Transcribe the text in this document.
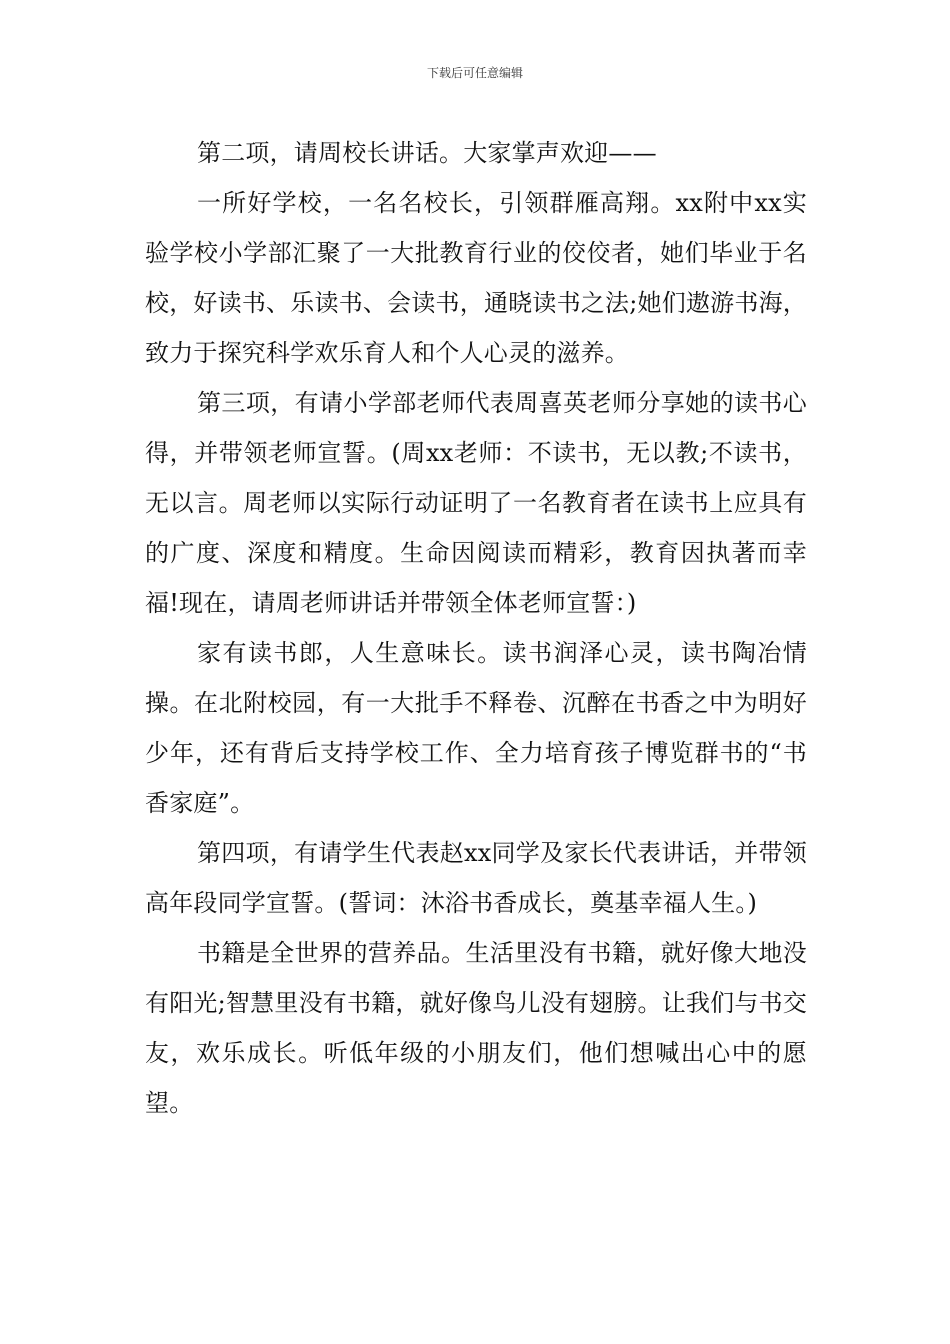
下载后可任意编辑

第二项，请周校长讲话。大家掌声欢迎——

一所好学校，一名名校长，引领群雁高翔。xx附中xx实验学校小学部汇聚了一大批教育行业的佼佼者，她们毕业于名校，好读书、乐读书、会读书，通晓读书之法;她们遨游书海，致力于探究科学欢乐育人和个人心灵的滋养。

第三项，有请小学部老师代表周喜英老师分享她的读书心得，并带领老师宣誓。(周xx老师：不读书，无以教;不读书，无以言。周老师以实际行动证明了一名教育者在读书上应具有的广度、深度和精度。生命因阅读而精彩，教育因执著而幸福!现在，请周老师讲话并带领全体老师宣誓：)

家有读书郎，人生意味长。读书润泽心灵，读书陶冶情操。在北附校园，有一大批手不释卷、沉醉在书香之中为明好少年，还有背后支持学校工作、全力培育孩子博览群书的“书香家庭”。

第四项，有请学生代表赵xx同学及家长代表讲话，并带领高年段同学宣誓。(誓词：沐浴书香成长，奠基幸福人生。)

书籍是全世界的营养品。生活里没有书籍，就好像大地没有阳光;智慧里没有书籍，就好像鸟儿没有翅膀。让我们与书交友，欢乐成长。听低年级的小朋友们，他们想喊出心中的愿望。
